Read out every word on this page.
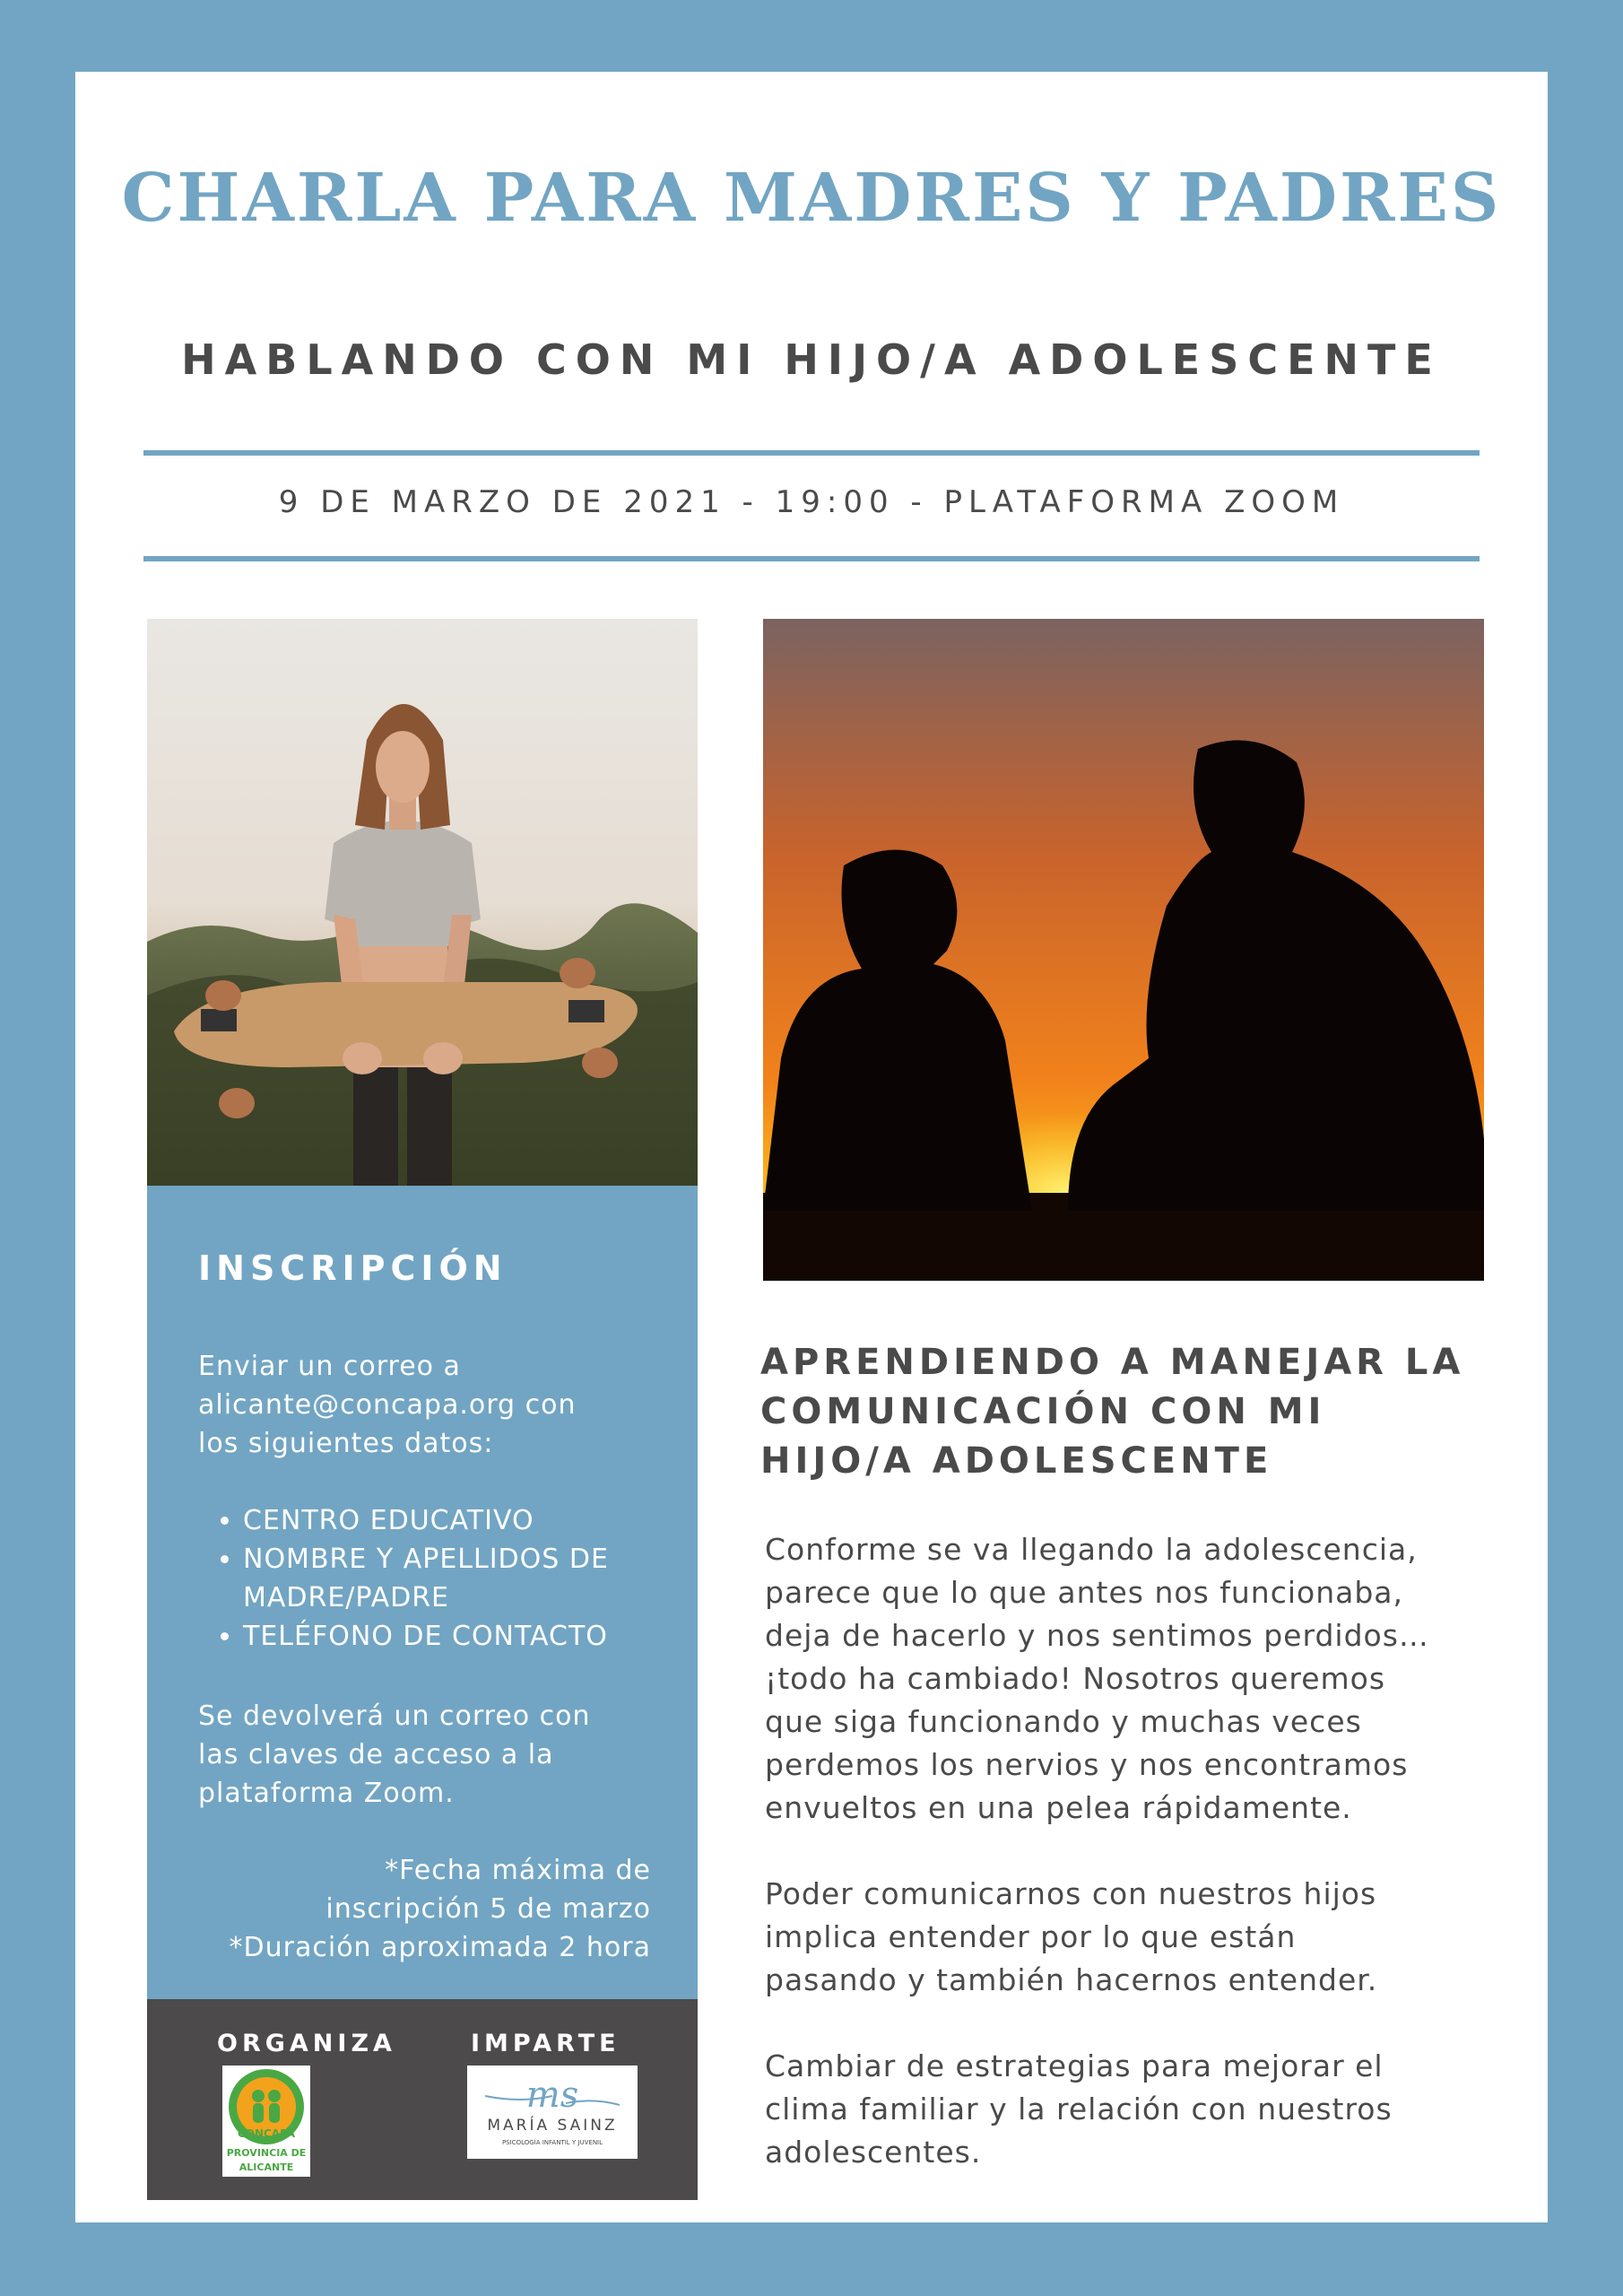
CHARLA PARA MADRES Y PADRES
HABLANDO CON MI HIJO/A ADOLESCENTE
9 DE MARZO DE 2021 - 19:00 - PLATAFORMA ZOOM
INSCRIPCIÓN
Enviar un correo a
alicante@concapa.org con
los siguientes datos:
• CENTRO EDUCATIVO
• NOMBRE Y APELLIDOS DE MADRE/PADRE
• TELÉFONO DE CONTACTO
Se devolverá un correo con
las claves de acceso a la
plataforma Zoom.
*Fecha máxima de
inscripción 5 de marzo
*Duración aproximada 2 hora
ORGANIZA	IMPARTE
CONCAPA
PROVINCIA DE
ALICANTE
ms
MARÍA SAINZ
PSICOLOGÍA INFANTIL Y JUVENIL
APRENDIENDO A MANEJAR LA
COMUNICACIÓN CON MI
HIJO/A ADOLESCENTE
Conforme se va llegando la adolescencia,
parece que lo que antes nos funcionaba,
deja de hacerlo y nos sentimos perdidos…
¡todo ha cambiado! Nosotros queremos
que siga funcionando y muchas veces
perdemos los nervios y nos encontramos
envueltos en una pelea rápidamente.
Poder comunicarnos con nuestros hijos
implica entender por lo que están
pasando y también hacernos entender.
Cambiar de estrategias para mejorar el
clima familiar y la relación con nuestros
adolescentes.
